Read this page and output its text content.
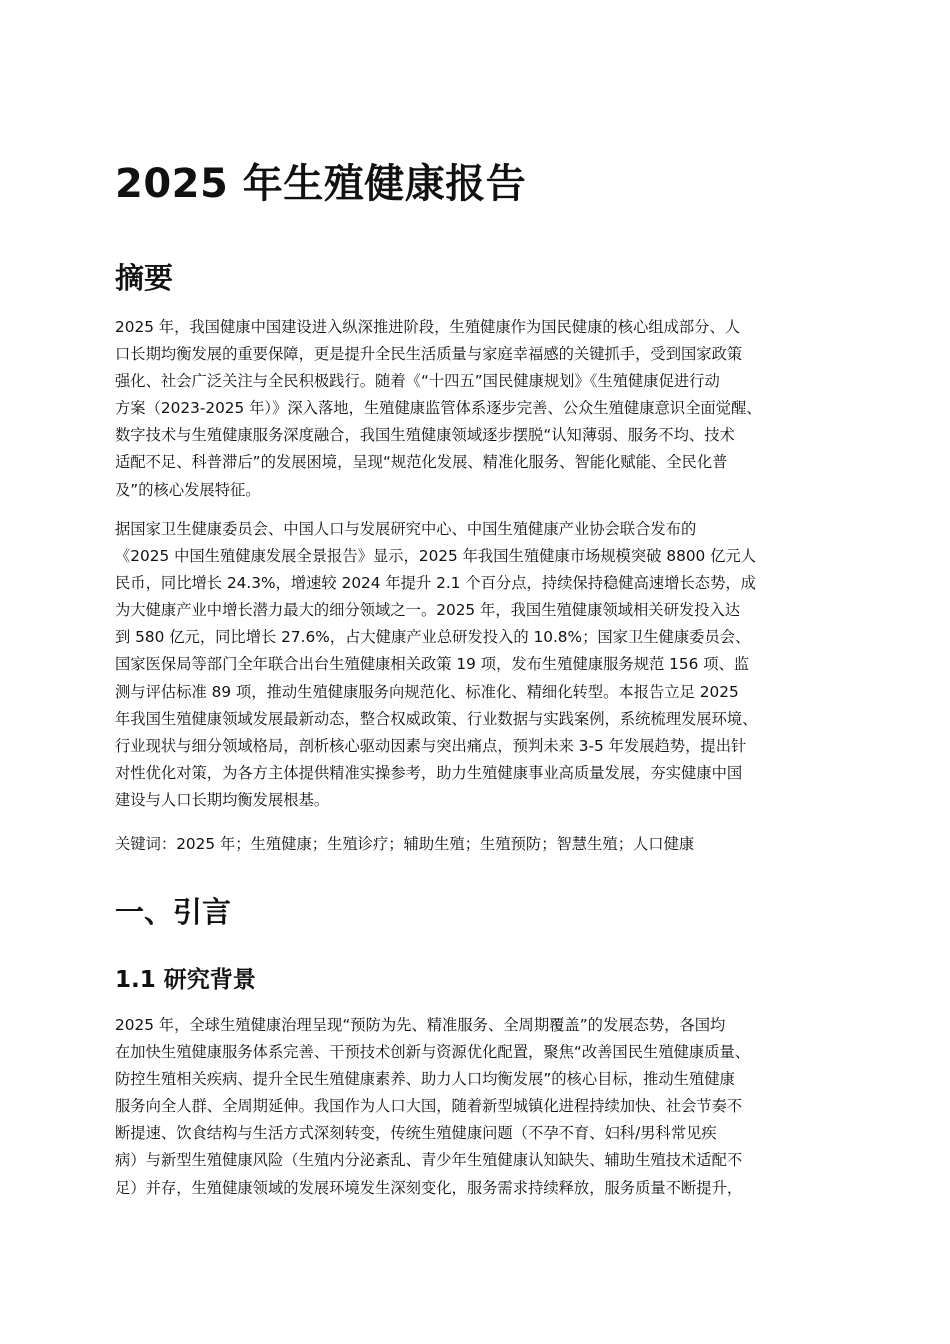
2025 年生殖健康报告
摘要
2025 年，我国健康中国建设进入纵深推进阶段，生殖健康作为国民健康的核心组成部分、人
口长期均衡发展的重要保障，更是提升全民生活质量与家庭幸福感的关键抓手，受到国家政策
强化、社会广泛关注与全民积极践行。随着《“十四五”国民健康规划》《生殖健康促进行动
方案（2023-2025 年）》深入落地，生殖健康监管体系逐步完善、公众生殖健康意识全面觉醒、
数字技术与生殖健康服务深度融合，我国生殖健康领域逐步摆脱“认知薄弱、服务不均、技术
适配不足、科普滞后”的发展困境，呈现“规范化发展、精准化服务、智能化赋能、全民化普
及”的核心发展特征。
据国家卫生健康委员会、中国人口与发展研究中心、中国生殖健康产业协会联合发布的
《2025 中国生殖健康发展全景报告》显示，2025 年我国生殖健康市场规模突破 8800 亿元人
民币，同比增长 24.3%，增速较 2024 年提升 2.1 个百分点，持续保持稳健高速增长态势，成
为大健康产业中增长潜力最大的细分领域之一。2025 年，我国生殖健康领域相关研发投入达
到 580 亿元，同比增长 27.6%，占大健康产业总研发投入的 10.8%；国家卫生健康委员会、
国家医保局等部门全年联合出台生殖健康相关政策 19 项，发布生殖健康服务规范 156 项、监
测与评估标准 89 项，推动生殖健康服务向规范化、标准化、精细化转型。本报告立足 2025
年我国生殖健康领域发展最新动态，整合权威政策、行业数据与实践案例，系统梳理发展环境、
行业现状与细分领域格局，剖析核心驱动因素与突出痛点，预判未来 3-5 年发展趋势，提出针
对性优化对策，为各方主体提供精准实操参考，助力生殖健康事业高质量发展，夯实健康中国
建设与人口长期均衡发展根基。
关键词：2025 年；生殖健康；生殖诊疗；辅助生殖；生殖预防；智慧生殖；人口健康
一、引言
1.1 研究背景
2025 年，全球生殖健康治理呈现“预防为先、精准服务、全周期覆盖”的发展态势，各国均
在加快生殖健康服务体系完善、干预技术创新与资源优化配置，聚焦“改善国民生殖健康质量、
防控生殖相关疾病、提升全民生殖健康素养、助力人口均衡发展”的核心目标，推动生殖健康
服务向全人群、全周期延伸。我国作为人口大国，随着新型城镇化进程持续加快、社会节奏不
断提速、饮食结构与生活方式深刻转变，传统生殖健康问题（不孕不育、妇科/男科常见疾
病）与新型生殖健康风险（生殖内分泌紊乱、青少年生殖健康认知缺失、辅助生殖技术适配不
足）并存，生殖健康领域的发展环境发生深刻变化，服务需求持续释放，服务质量不断提升，
